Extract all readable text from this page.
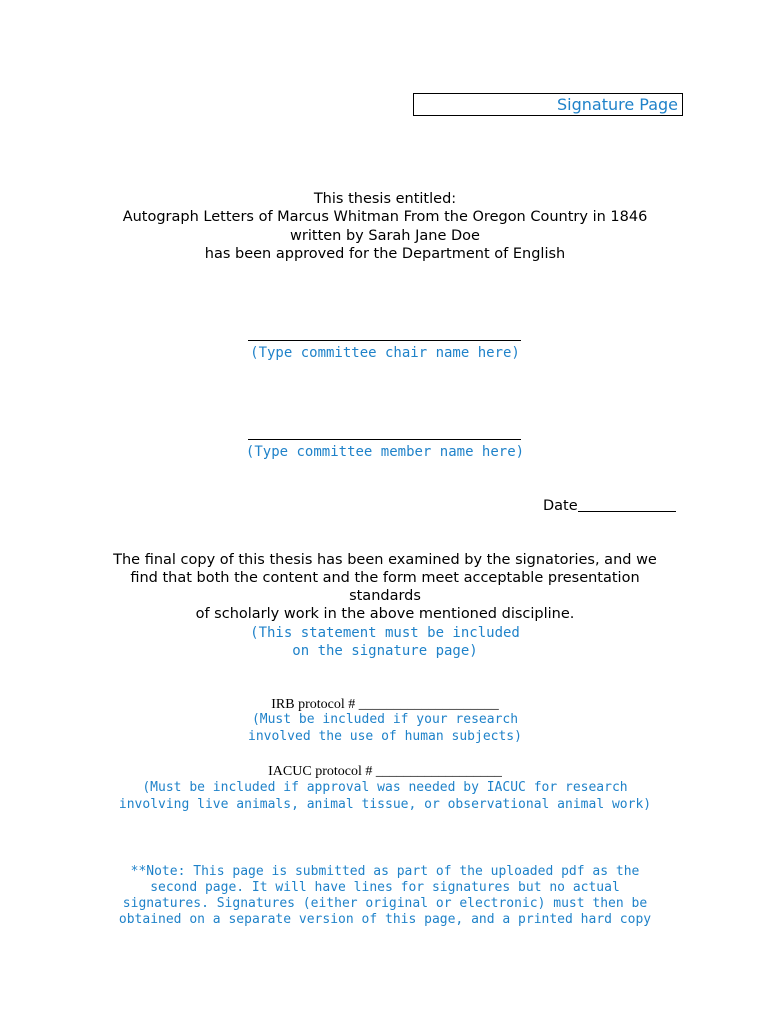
Signature Page
This thesis entitled:
Autograph Letters of Marcus Whitman From the Oregon Country in 1846
written by Sarah Jane Doe
has been approved for the Department of English
(Type committee chair name here)
(Type committee member name here)
Date
The final copy of this thesis has been examined by the signatories, and we
find that both the content and the form meet acceptable presentation
standards
of scholarly work in the above mentioned discipline.
(This statement must be included
on the signature page)
IRB protocol # ____________________
(Must be included if your research
involved the use of human subjects)
IACUC protocol # __________________
(Must be included if approval was needed by IACUC for research
involving live animals, animal tissue, or observational animal work)
**Note: This page is submitted as part of the uploaded pdf as the
second page. It will have lines for signatures but no actual
signatures. Signatures (either original or electronic) must then be
obtained on a separate version of this page, and a printed hard copy
